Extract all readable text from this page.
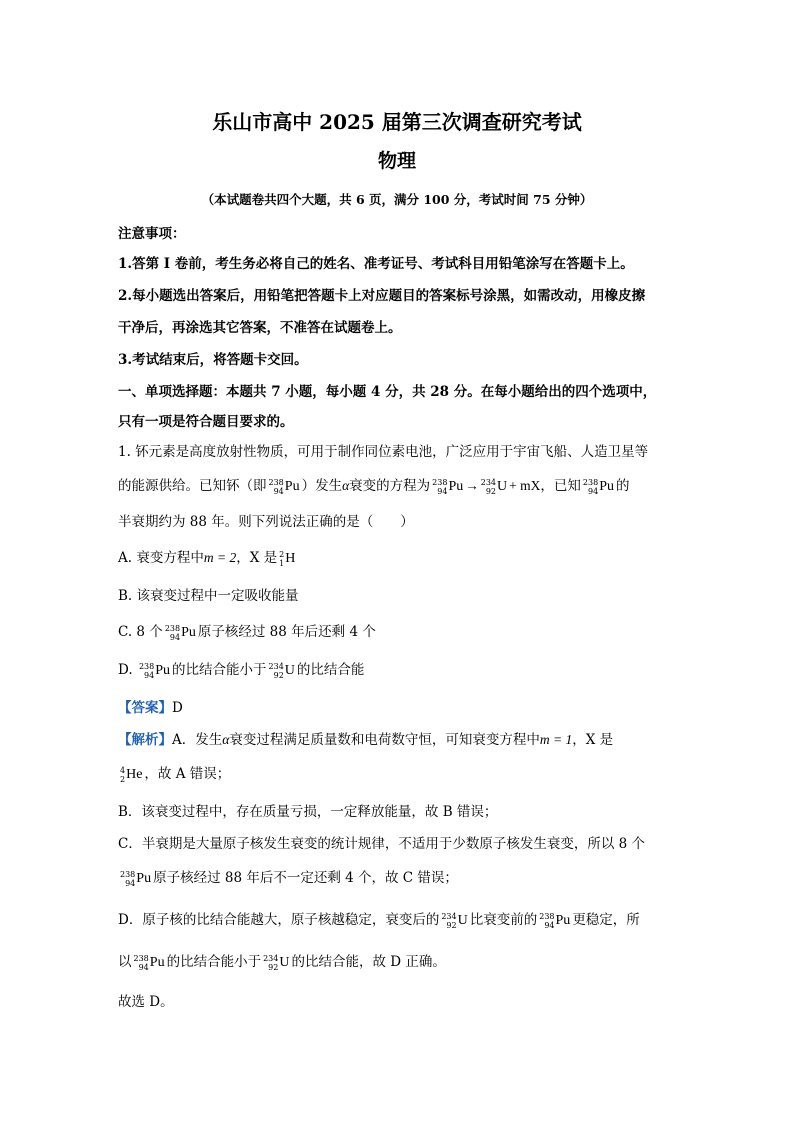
乐山市高中 2025 届第三次调查研究考试
物理
（本试题卷共四个大题，共 6 页，满分 100 分，考试时间 75 分钟）
注意事项：
1.答第 I 卷前，考生务必将自己的姓名、准考证号、考试科目用铅笔涂写在答题卡上。
2.每小题选出答案后，用铅笔把答题卡上对应题目的答案标号涂黑，如需改动，用橡皮擦
干净后，再涂选其它答案，不准答在试题卷上。
3.考试结束后，将答题卡交回。
一、单项选择题：本题共 7 小题，每小题 4 分，共 28 分。在每小题给出的四个选项中，
只有一项是符合题目要求的。
1. 钚元素是高度放射性物质，可用于制作同位素电池，广泛应用于宇宙飞船、人造卫星等
的能源供给。已知钚（即 238
94 Pu ）发生α衰变的方程为 238
94 Pu → 234
92 U + mX，已知 238
94 Pu 的
半衰期约为 88 年。则下列说法正确的是（　　）
A. 衰变方程中m = 2，X 是 2
1 H
B. 该衰变过程中一定吸收能量
C. 8 个 238
94 Pu 原子核经过 88 年后还剩 4 个
D. 238
94 Pu 的比结合能小于 234
92 U 的比结合能
【答案】D
【解析】A．发生α衰变过程满足质量数和电荷数守恒，可知衰变方程中m = 1，X 是
4
2 He ，故 A 错误；
B．该衰变过程中，存在质量亏损，一定释放能量，故 B 错误；
C．半衰期是大量原子核发生衰变的统计规律，不适用于少数原子核发生衰变，所以 8 个
238
94 Pu 原子核经过 88 年后不一定还剩 4 个，故 C 错误；
D．原子核的比结合能越大，原子核越稳定，衰变后的 234
92 U 比衰变前的 238
94 Pu 更稳定，所
以 238
94 Pu 的比结合能小于 234
92 U 的比结合能，故 D 正确。
故选 D。
